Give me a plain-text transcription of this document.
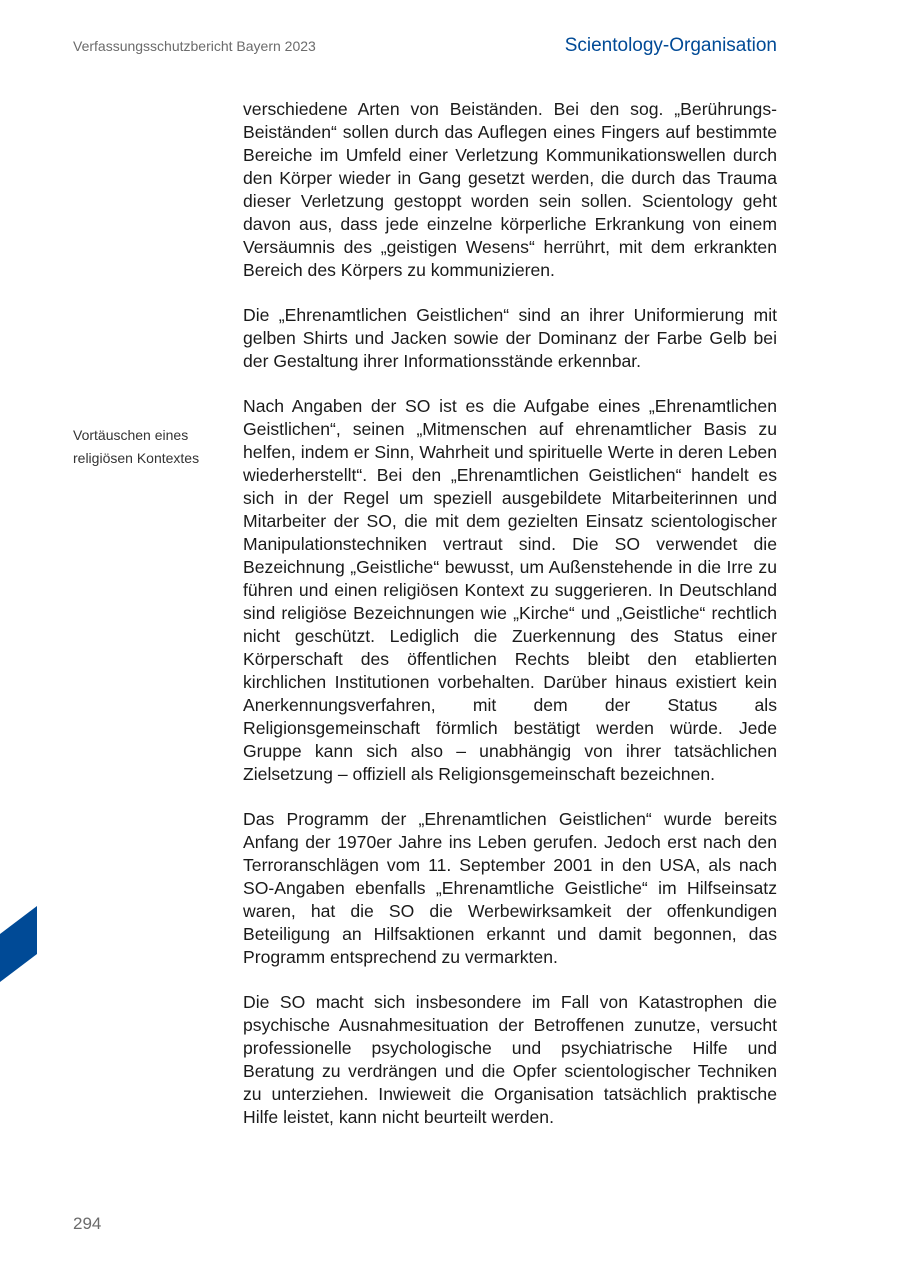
Verfassungsschutzbericht Bayern 2023	Scientology-Organisation
Vortäuschen eines
religiösen Kontextes

verschiedene Arten von Beiständen. Bei den sog. „Berührungs-Beiständen“ sollen durch das Auflegen eines Fingers auf bestimmte Bereiche im Umfeld einer Verletzung Kommunikationswellen durch den Körper wieder in Gang gesetzt werden, die durch das Trauma dieser Verletzung gestoppt worden sein sollen. Scientology geht davon aus, dass jede einzelne körperliche Erkrankung von einem Versäumnis des „geistigen Wesens“ herrührt, mit dem erkrankten Bereich des Körpers zu kommunizieren.

Die „Ehrenamtlichen Geistlichen“ sind an ihrer Uniformierung mit gelben Shirts und Jacken sowie der Dominanz der Farbe Gelb bei der Gestaltung ihrer Informationsstände erkennbar.

Nach Angaben der SO ist es die Aufgabe eines „Ehrenamtlichen Geistlichen“, seinen „Mitmenschen auf ehrenamtlicher Basis zu helfen, indem er Sinn, Wahrheit und spirituelle Werte in deren Leben wiederherstellt“. Bei den „Ehrenamtlichen Geistlichen“ handelt es sich in der Regel um speziell ausgebildete Mitarbeiterinnen und Mitarbeiter der SO, die mit dem gezielten Einsatz scientologischer Manipulationstechniken vertraut sind. Die SO verwendet die Bezeichnung „Geistliche“ bewusst, um Außenstehende in die Irre zu führen und einen religiösen Kontext zu suggerieren. In Deutschland sind religiöse Bezeichnungen wie „Kirche“ und „Geistliche“ rechtlich nicht geschützt. Lediglich die Zuerkennung des Status einer Körperschaft des öffentlichen Rechts bleibt den etablierten kirchlichen Institutionen vorbehalten. Darüber hinaus existiert kein Anerkennungsverfahren, mit dem der Status als Religionsgemeinschaft förmlich bestätigt werden würde. Jede Gruppe kann sich also – unabhängig von ihrer tatsächlichen Zielsetzung – offiziell als Religionsgemeinschaft bezeichnen.

Das Programm der „Ehrenamtlichen Geistlichen“ wurde bereits Anfang der 1970er Jahre ins Leben gerufen. Jedoch erst nach den Terroranschlägen vom 11. September 2001 in den USA, als nach SO-Angaben ebenfalls „Ehrenamtliche Geistliche“ im Hilfseinsatz waren, hat die SO die Werbewirksamkeit der offenkundigen Beteiligung an Hilfsaktionen erkannt und damit begonnen, das Programm entsprechend zu vermarkten.

Die SO macht sich insbesondere im Fall von Katastrophen die psychische Ausnahmesituation der Betroffenen zunutze, versucht professionelle psychologische und psychiatrische Hilfe und Beratung zu verdrängen und die Opfer scientologischer Techniken zu unterziehen. Inwieweit die Organisation tatsächlich praktische Hilfe leistet, kann nicht beurteilt werden.

294
